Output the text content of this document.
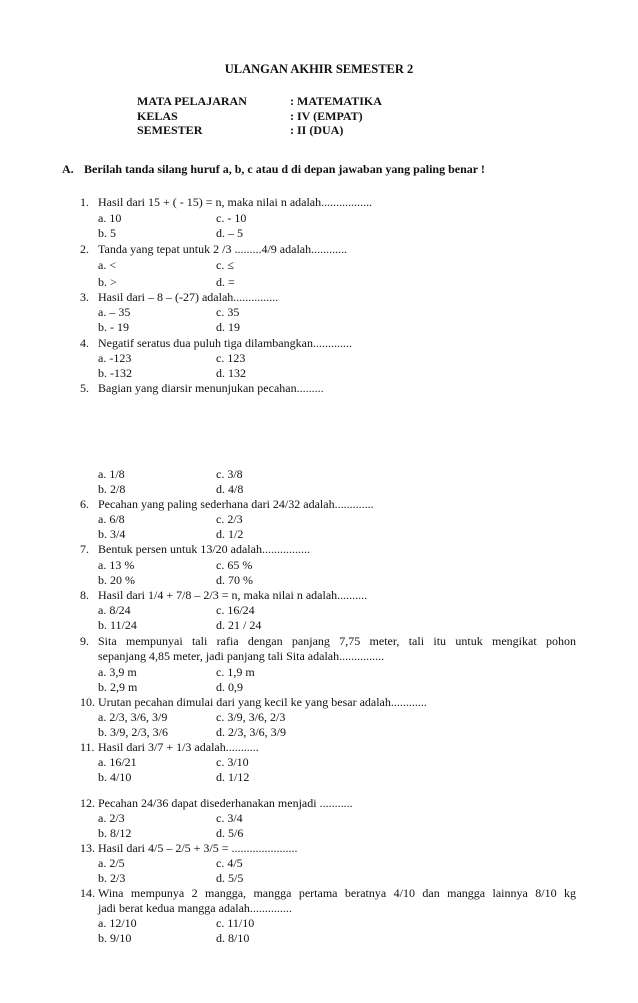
ULANGAN AKHIR SEMESTER 2
MATA PELAJARAN	: MATEMATIKA
KELAS	: IV (EMPAT)
SEMESTER	: II (DUA)
A. Berilah tanda silang huruf a, b, c atau d di depan jawaban yang paling benar !
1. Hasil dari 15 + ( - 15) = n, maka nilai n adalah.................
a. 10	c. - 10
b. 5	d. – 5
2. Tanda yang tepat untuk 2 /3 .........4/9 adalah............
a. <	c. ≤
b. >	d. =
3. Hasil dari – 8 – (-27) adalah...............
a. – 35	c. 35
b. - 19	d. 19
4. Negatif seratus dua puluh tiga dilambangkan.............
a. -123	c. 123
b. -132	d. 132
5. Bagian yang diarsir menunjukan pecahan.........
a. 1/8	c. 3/8
b. 2/8	d. 4/8
6. Pecahan yang paling sederhana dari 24/32 adalah.............
a. 6/8	c. 2/3
b. 3/4	d. 1/2
7. Bentuk persen untuk 13/20 adalah................
a. 13 %	c. 65 %
b. 20 %	d. 70 %
8. Hasil dari 1/4 + 7/8 – 2/3 = n, maka nilai n adalah..........
a. 8/24	c. 16/24
b. 11/24	d. 21 / 24
9. Sita mempunyai tali rafia dengan panjang 7,75 meter, tali itu untuk mengikat pohon
sepanjang 4,85 meter, jadi panjang tali Sita adalah...............
a. 3,9 m	c. 1,9 m
b. 2,9 m	d. 0,9
10. Urutan pecahan dimulai dari yang kecil ke yang besar adalah............
a. 2/3, 3/6, 3/9	c. 3/9, 3/6, 2/3
b. 3/9, 2/3, 3/6	d. 2/3, 3/6, 3/9
11. Hasil dari 3/7 + 1/3 adalah...........
a. 16/21	c. 3/10
b. 4/10	d. 1/12
12. Pecahan 24/36 dapat disederhanakan menjadi ...........
a. 2/3	c. 3/4
b. 8/12	d. 5/6
13. Hasil dari 4/5 – 2/5 + 3/5 = ......................
a. 2/5	c. 4/5
b. 2/3	d. 5/5
14. Wina mempunya 2 mangga, mangga pertama beratnya 4/10 dan mangga lainnya 8/10 kg
jadi berat kedua mangga adalah..............
a. 12/10	c. 11/10
b. 9/10	d. 8/10
